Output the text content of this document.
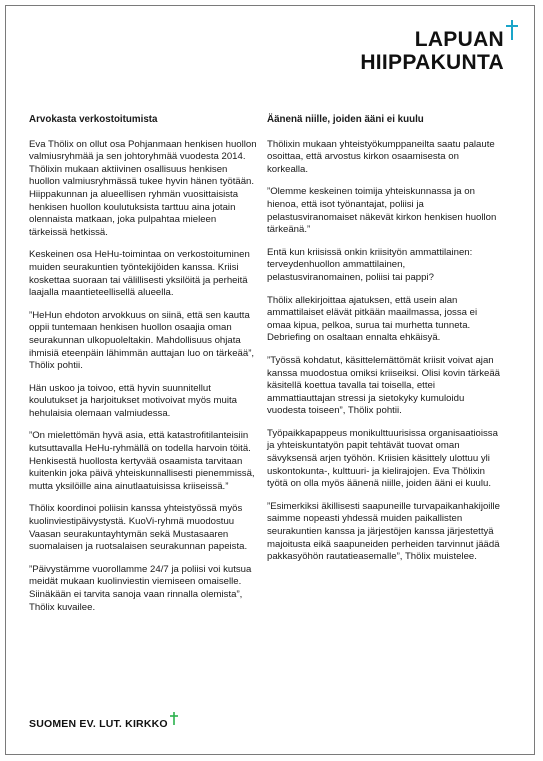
LAPUAN
HIIPPAKUNTA

Arvokasta verkostoitumista

Eva Thölix on ollut osa Pohjanmaan henkisen huollon valmiusryhmää ja sen johtoryhmää vuodesta 2014. Thölixin mukaan aktiivinen osallisuus henkisen huollon valmiusryhmässä tukee hyvin hänen työtään. Hiippakunnan ja alueellisen ryhmän vuosittaisista henkisen huollon koulutuksista tarttuu aina jotain olennaista matkaan, joka pulpahtaa mieleen tärkeissä hetkissä.

Keskeinen osa HeHu-toimintaa on verkostoituminen muiden seurakuntien työntekijöiden kanssa. Kriisi koskettaa suoraan tai välillisesti yksilöitä ja perheitä laajalla maantieteellisellä alueella.

”HeHun ehdoton arvokkuus on siinä, että sen kautta oppii tuntemaan henkisen huollon osaajia oman seurakunnan ulkopuoleltakin. Mahdollisuus ohjata ihmisiä eteenpäin lähimmän auttajan luo on tärkeää”, Thölix pohtii.

Hän uskoo ja toivoo, että hyvin suunnitellut koulutukset ja harjoitukset motivoivat myös muita hehulaisia olemaan valmiudessa.

”On mielettömän hyvä asia, että katastrofitilanteisiin kutsuttavalla HeHu-ryhmällä on todella harvoin töitä. Henkisestä huollosta kertyvää osaamista tarvitaan kuitenkin joka päivä yhteiskunnallisesti pienemmissä, mutta yksilöille aina ainutlaatuisissa kriiseissä.”

Thölix koordinoi poliisin kanssa yhteistyössä myös kuolinviestipäivystystä. KuoVi-ryhmä muodostuu Vaasan seurakuntayhtymän sekä Mustasaaren suomalaisen ja ruotsalaisen seurakunnan papeista.

”Päivystämme vuorollamme 24/7 ja poliisi voi kutsua meidät mukaan kuolinviestin viemiseen omaiselle. Siinäkään ei tarvita sanoja vaan rinnalla olemista”, Thölix kuvailee.

Äänenä niille, joiden ääni ei kuulu

Thölixin mukaan yhteistyökumppaneilta saatu palaute osoittaa, että arvostus kirkon osaamisesta on korkealla.

”Olemme keskeinen toimija yhteiskunnassa ja on hienoa, että isot työnantajat, poliisi ja pelastusviranomaiset näkevät kirkon henkisen huollon tärkeänä.”

Entä kun kriisissä onkin kriisityön ammattilainen: terveydenhuollon ammattilainen, pelastusviranomainen, poliisi tai pappi?

Thölix allekirjoittaa ajatuksen, että usein alan ammattilaiset elävät pitkään maailmassa, jossa ei omaa kipua, pelkoa, surua tai murhetta tunneta. Debriefing on osaltaan ennalta ehkäisyä.

”Työssä kohdatut, käsittelemättömät kriisit voivat ajan kanssa muodostua omiksi kriiseiksi. Olisi kovin tärkeää käsitellä koettua tavalla tai toisella, ettei ammattiauttajan stressi ja sietokyky kumuloidu vuodesta toiseen”, Thölix pohtii.

Työpaikkapappeus monikulttuurisissa organisaatioissa ja yhteiskuntatyön papit tehtävät tuovat oman sävyksensä arjen työhön. Kriisien käsittely ulottuu yli uskontokunta-, kulttuuri- ja kielirajojen. Eva Thölixin työtä on olla myös äänenä niille, joiden ääni ei kuulu.

”Esimerkiksi äkillisesti saapuneille turvapaikanhakijoille saimme nopeasti yhdessä muiden paikallisten seurakuntien kanssa ja järjestöjen kanssa järjestettyä majoitusta eikä saapuneiden perheiden tarvinnut jäädä pakkasyöhön rautatieasemalle”, Thölix muistelee.

SUOMEN EV. LUT. KIRKKO
